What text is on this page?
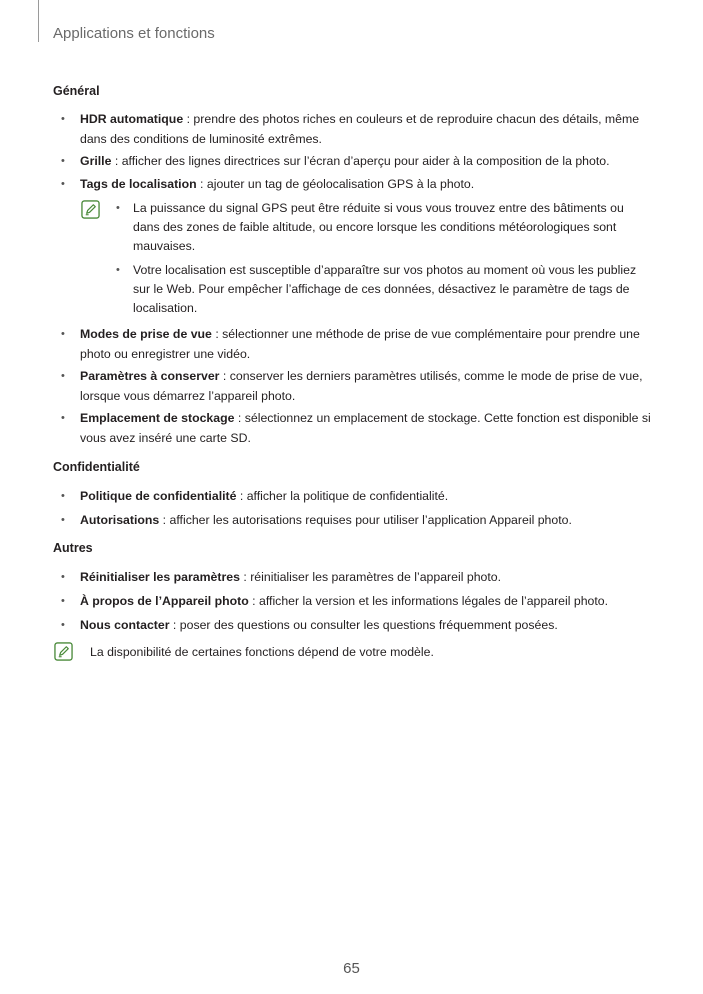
Applications et fonctions
Général
• HDR automatique : prendre des photos riches en couleurs et de reproduire chacun des détails, même dans des conditions de luminosité extrêmes.
• Grille : afficher des lignes directrices sur l’écran d’aperçu pour aider à la composition de la photo.
• Tags de localisation : ajouter un tag de géolocalisation GPS à la photo.
• La puissance du signal GPS peut être réduite si vous vous trouvez entre des bâtiments ou dans des zones de faible altitude, ou encore lorsque les conditions météorologiques sont mauvaises.
• Votre localisation est susceptible d’apparaître sur vos photos au moment où vous les publiez sur le Web. Pour empêcher l’affichage de ces données, désactivez le paramètre de tags de localisation.
• Modes de prise de vue : sélectionner une méthode de prise de vue complémentaire pour prendre une photo ou enregistrer une vidéo.
• Paramètres à conserver : conserver les derniers paramètres utilisés, comme le mode de prise de vue, lorsque vous démarrez l’appareil photo.
• Emplacement de stockage : sélectionnez un emplacement de stockage. Cette fonction est disponible si vous avez inséré une carte SD.
Confidentialité
• Politique de confidentialité : afficher la politique de confidentialité.
• Autorisations : afficher les autorisations requises pour utiliser l’application Appareil photo.
Autres
• Réinitialiser les paramètres : réinitialiser les paramètres de l’appareil photo.
• À propos de l’Appareil photo : afficher la version et les informations légales de l’appareil photo.
• Nous contacter : poser des questions ou consulter les questions fréquemment posées.
La disponibilité de certaines fonctions dépend de votre modèle.
65
